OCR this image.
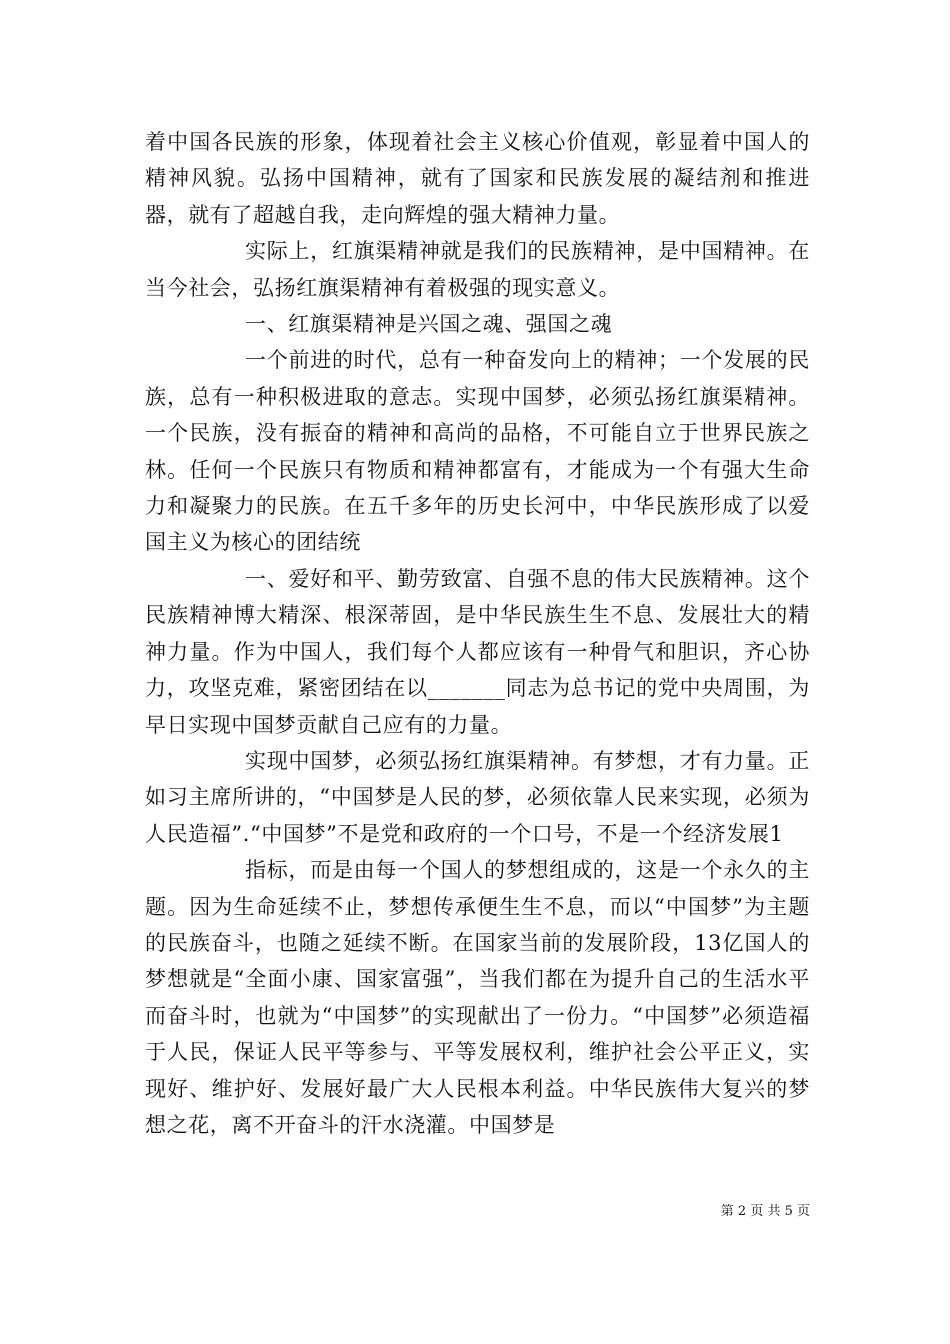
着中国各民族的形象，体现着社会主义核心价值观，彰显着中国人的精神风貌。弘扬中国精神，就有了国家和民族发展的凝结剂和推进器，就有了超越自我，走向辉煌的强大精神力量。

实际上，红旗渠精神就是我们的民族精神，是中国精神。在当今社会，弘扬红旗渠精神有着极强的现实意义。

一、红旗渠精神是兴国之魂、强国之魂

一个前进的时代，总有一种奋发向上的精神；一个发展的民族，总有一种积极进取的意志。实现中国梦，必须弘扬红旗渠精神。一个民族，没有振奋的精神和高尚的品格，不可能自立于世界民族之林。任何一个民族只有物质和精神都富有，才能成为一个有强大生命力和凝聚力的民族。在五千多年的历史长河中，中华民族形成了以爱国主义为核心的团结统

一、爱好和平、勤劳致富、自强不息的伟大民族精神。这个民族精神博大精深、根深蒂固，是中华民族生生不息、发展壮大的精神力量。作为中国人，我们每个人都应该有一种骨气和胆识，齐心协力，攻坚克难，紧密团结在以_______同志为总书记的党中央周围，为早日实现中国梦贡献自己应有的力量。

实现中国梦，必须弘扬红旗渠精神。有梦想，才有力量。正如习主席所讲的，“中国梦是人民的梦，必须依靠人民来实现，必须为人民造福”.“中国梦”不是党和政府的一个口号，不是一个经济发展1

指标，而是由每一个国人的梦想组成的，这是一个永久的主题。因为生命延续不止，梦想传承便生生不息，而以“中国梦”为主题的民族奋斗，也随之延续不断。在国家当前的发展阶段，13亿国人的梦想就是“全面小康、国家富强”，当我们都在为提升自己的生活水平而奋斗时，也就为“中国梦”的实现献出了一份力。“中国梦”必须造福于人民，保证人民平等参与、平等发展权利，维护社会公平正义，实现好、维护好、发展好最广大人民根本利益。中华民族伟大复兴的梦想之花，离不开奋斗的汗水浇灌。中国梦是

第 2 页 共 5 页
